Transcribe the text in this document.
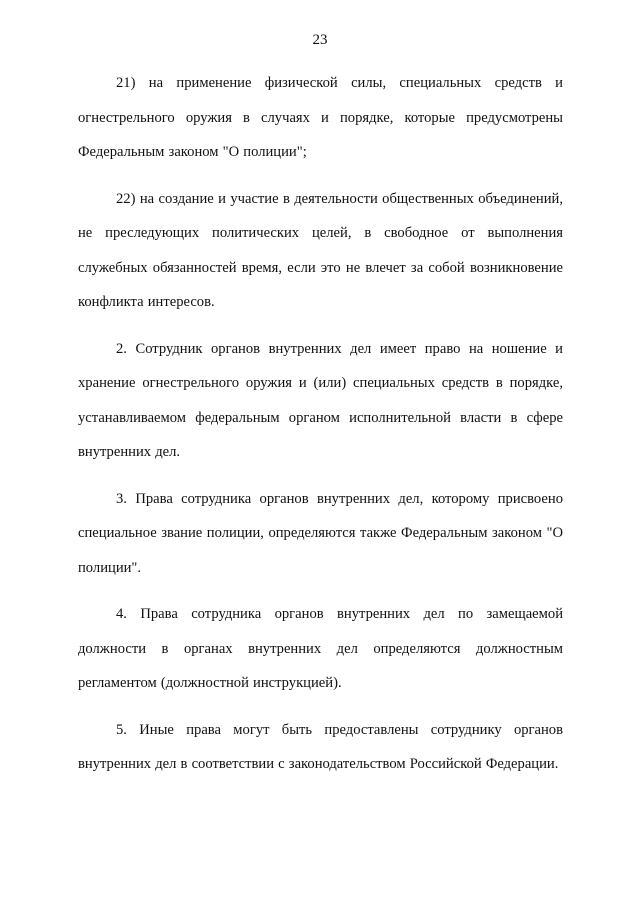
23

21) на применение физической силы, специальных средств и огнестрельного оружия в случаях и порядке, которые предусмотрены Федеральным законом "О полиции";

22) на создание и участие в деятельности общественных объединений, не преследующих политических целей, в свободное от выполнения служебных обязанностей время, если это не влечет за собой возникновение конфликта интересов.

2. Сотрудник органов внутренних дел имеет право на ношение и хранение огнестрельного оружия и (или) специальных средств в порядке, устанавливаемом федеральным органом исполнительной власти в сфере внутренних дел.

3. Права сотрудника органов внутренних дел, которому присвоено специальное звание полиции, определяются также Федеральным законом "О полиции".

4. Права сотрудника органов внутренних дел по замещаемой должности в органах внутренних дел определяются должностным регламентом (должностной инструкцией).

5. Иные права могут быть предоставлены сотруднику органов внутренних дел в соответствии с законодательством Российской Федерации.
